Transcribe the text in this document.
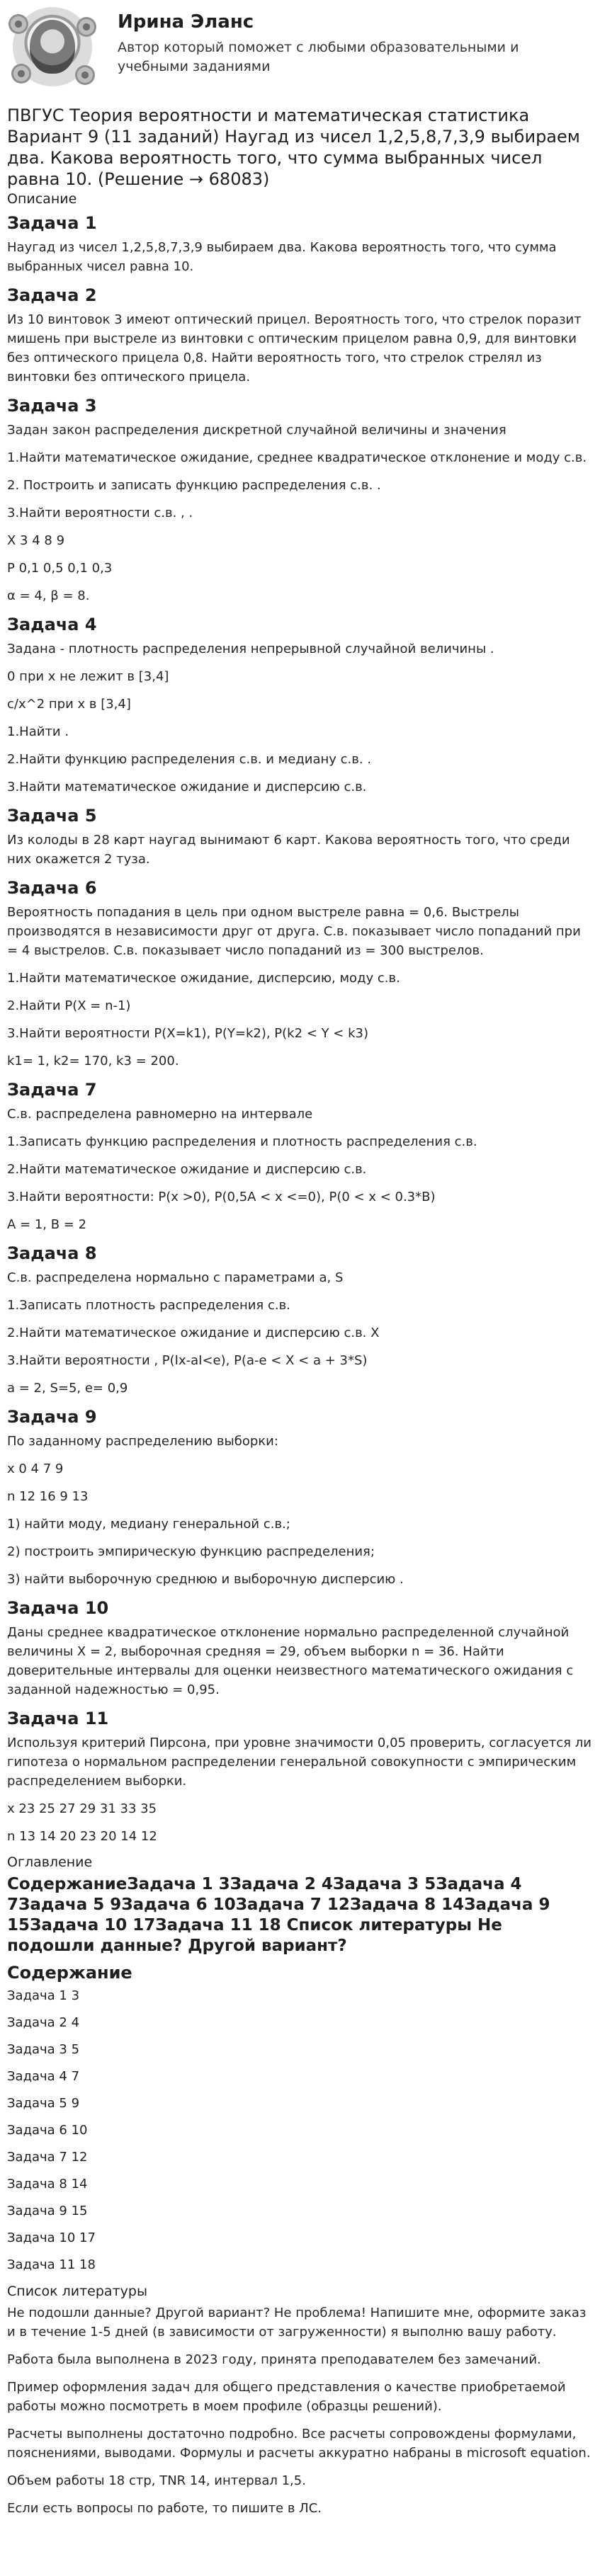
Ирина Эланс
Автор который поможет с любыми образовательными и учебными заданиями
ПВГУС Теория вероятности и математическая статистика Вариант 9 (11 заданий) Наугад из чисел 1,2,5,8,7,3,9 выбираем два. Какова вероятность того, что сумма выбранных чисел равна 10. (Решение → 68083)
Описание
Задача 1
Наугад из чисел 1,2,5,8,7,3,9 выбираем два. Какова вероятность того, что сумма выбранных чисел равна 10.
Задача 2
Из 10 винтовок 3 имеют оптический прицел. Вероятность того, что стрелок поразит мишень при выстреле из винтовки с оптическим прицелом равна 0,9, для винтовки без оптического прицела 0,8. Найти вероятность того, что стрелок стрелял из винтовки без оптического прицела.
Задача 3
Задан закон распределения дискретной случайной величины и значения
1.Найти математическое ожидание, среднее квадратическое отклонение и моду с.в.
2. Построить и записать функцию распределения с.в. .
3.Найти вероятности с.в. , .
X 3 4 8 9
P 0,1 0,5 0,1 0,3
α = 4, β = 8.
Задача 4
Задана - плотность распределения непрерывной случайной величины .
0 при x не лежит в [3,4]
c/x^2 при x в [3,4]
1.Найти .
2.Найти функцию распределения с.в. и медиану с.в. .
3.Найти математическое ожидание и дисперсию с.в.
Задача 5
Из колоды в 28 карт наугад вынимают 6 карт. Какова вероятность того, что среди них окажется 2 туза.
Задача 6
Вероятность попадания в цель при одном выстреле равна = 0,6. Выстрелы производятся в независимости друг от друга. С.в. показывает число попаданий при = 4 выстрелов. С.в. показывает число попаданий из = 300 выстрелов.
1.Найти математическое ожидание, дисперсию, моду с.в.
2.Найти P(X = n-1)
3.Найти вероятности P(X=k1), P(Y=k2), P(k2 < Y < k3)
k1= 1, k2= 170, k3 = 200.
Задача 7
С.в. распределена равномерно на интервале
1.Записать функцию распределения и плотность распределения с.в.
2.Найти математическое ожидание и дисперсию с.в.
3.Найти вероятности: P(x >0), P(0,5A < x <=0), P(0 < x < 0.3*B)
A = 1, B = 2
Задача 8
С.в. распределена нормально с параметрами a, S
1.Записать плотность распределения с.в.
2.Найти математическое ожидание и дисперсию с.в. X
3.Найти вероятности , P(Ix-aI<e), P(a-e < X < a + 3*S)
a = 2, S=5, e= 0,9
Задача 9
По заданному распределению выборки:
x 0 4 7 9
n 12 16 9 13
1) найти моду, медиану генеральной с.в.;
2) построить эмпирическую функцию распределения;
3) найти выборочную среднюю и выборочную дисперсию .
Задача 10
Даны среднее квадратическое отклонение нормально распределенной случайной величины X = 2, выборочная средняя = 29, объем выборки n = 36. Найти доверительные интервалы для оценки неизвестного математического ожидания с заданной надежностью = 0,95.
Задача 11
Используя критерий Пирсона, при уровне значимости 0,05 проверить, согласуется ли гипотеза о нормальном распределении генеральной совокупности с эмпирическим распределением выборки.
x 23 25 27 29 31 33 35
n 13 14 20 23 20 14 12
Оглавление
СодержаниеЗадача 1 3Задача 2 4Задача 3 5Задача 4 7Задача 5 9Задача 6 10Задача 7 12Задача 8 14Задача 9 15Задача 10 17Задача 11 18 Список литературы Не подошли данные? Другой вариант?
Содержание
Задача 1 3
Задача 2 4
Задача 3 5
Задача 4 7
Задача 5 9
Задача 6 10
Задача 7 12
Задача 8 14
Задача 9 15
Задача 10 17
Задача 11 18
Список литературы
Не подошли данные? Другой вариант? Не проблема! Напишите мне, оформите заказ и в течение 1-5 дней (в зависимости от загруженности) я выполню вашу работу.
Работа была выполнена в 2023 году, принята преподавателем без замечаний.
Пример оформления задач для общего представления о качестве приобретаемой работы можно посмотреть в моем профиле (образцы решений).
Расчеты выполнены достаточно подробно. Все расчеты сопровождены формулами, пояснениями, выводами. Формулы и расчеты аккуратно набраны в microsoft equation.
Объем работы 18 стр, TNR 14, интервал 1,5.
Если есть вопросы по работе, то пишите в ЛС.
